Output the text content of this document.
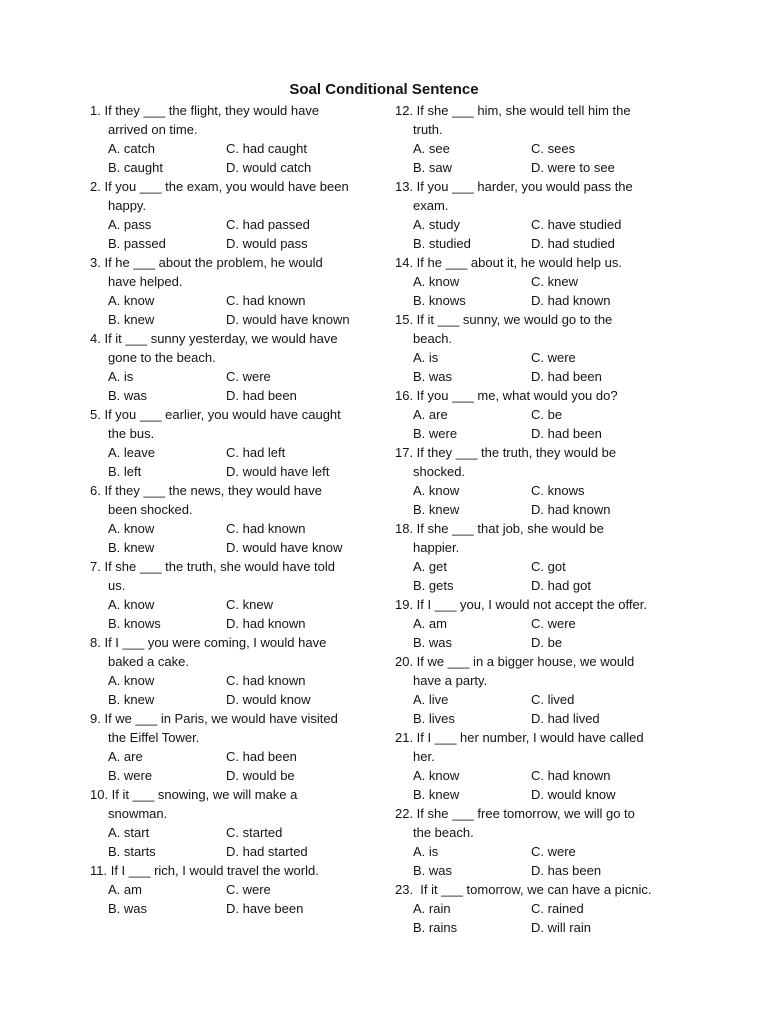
Soal Conditional Sentence
1. If they ___ the flight, they would have
arrived on time.
A. catch	C. had caught
B. caught	D. would catch
2. If you ___ the exam, you would have been
happy.
A. pass	C. had passed
B. passed	D. would pass
3. If he ___ about the problem, he would
have helped.
A. know	C. had known
B. knew	D. would have known
4. If it ___ sunny yesterday, we would have
gone to the beach.
A. is	C. were
B. was	D. had been
5. If you ___ earlier, you would have caught
the bus.
A. leave	C. had left
B. left	D. would have left
6. If they ___ the news, they would have
been shocked.
A. know	C. had known
B. knew	D. would have know
7. If she ___ the truth, she would have told
us.
A. know	C. knew
B. knows	D. had known
8. If I ___ you were coming, I would have
baked a cake.
A. know	C. had known
B. knew	D. would know
9. If we ___ in Paris, we would have visited
the Eiffel Tower.
A. are	C. had been
B. were	D. would be
10. If it ___ snowing, we will make a
snowman.
A. start	C. started
B. starts	D. had started
11. If I ___ rich, I would travel the world.
A. am	C. were
B. was	D. have been
12. If she ___ him, she would tell him the
truth.
A. see	C. sees
B. saw	D. were to see
13. If you ___ harder, you would pass the
exam.
A. study	C. have studied
B. studied	D. had studied
14. If he ___ about it, he would help us.
A. know	C. knew
B. knows	D. had known
15. If it ___ sunny, we would go to the
beach.
A. is	C. were
B. was	D. had been
16. If you ___ me, what would you do?
A. are	C. be
B. were	D. had been
17. If they ___ the truth, they would be
shocked.
A. know	C. knows
B. knew	D. had known
18. If she ___ that job, she would be
happier.
A. get	C. got
B. gets	D. had got
19. If I ___ you, I would not accept the offer.
A. am	C. were
B. was	D. be
20. If we ___ in a bigger house, we would
have a party.
A. live	C. lived
B. lives	D. had lived
21. If I ___ her number, I would have called
her.
A. know	C. had known
B. knew	D. would know
22. If she ___ free tomorrow, we will go to
the beach.
A. is	C. were
B. was	D. has been
23.  If it ___ tomorrow, we can have a picnic.
A. rain	C. rained
B. rains	D. will rain
